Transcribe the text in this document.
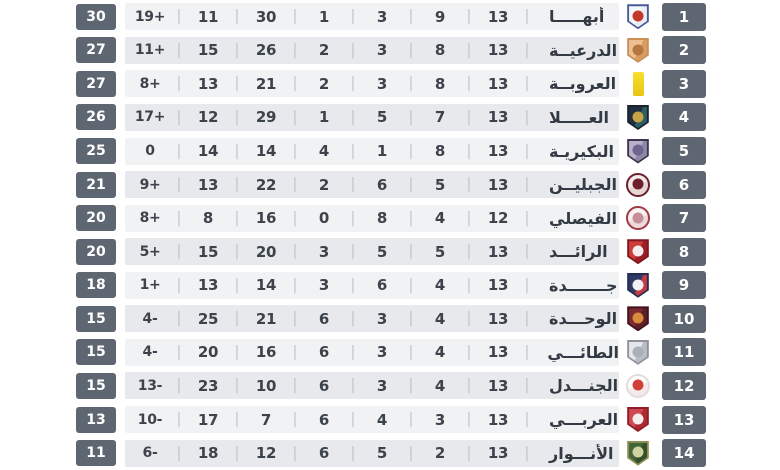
30	19+ |	11	|	30	|	1	|	3	|	9	|	13	|	أبهـــــا	1
27	11+ |	15	|	26	|	2	|	3	|	8	|	13	|	الدرعيــة	2
27	8+	|	13	|	21	|	2	|	3	|	8	|	13	|	العروبــة	3
26	17+ |	12	|	29	|	1	|	5	|	7	|	13	|	العـــــلا	4
25	0	|	14	|	14	|	4	|	1	|	8	|	13	|	البكيريـة	5
21	9+	|	13	|	22	|	2	|	6	|	5	|	13	|	الجبليــن	6
20	8+	|	8	|	16	|	0	|	8	|	4	|	12	|	الفيصلي	7
20	5+	|	15	|	20	|	3	|	5	|	5	|	13	|	الرائـــد	8
18	1+	|	13	|	14	|	3	|	6	|	4	|	13	|	جـــــــدة	9
15	4-	|	25	|	21	|	6	|	3	|	4	|	13	|	الوحـــدة	10
15	4-	|	20	|	16	|	6	|	3	|	4	|	13	|	الطائـــي	11
15	13-	|	23	|	10	|	6	|	3	|	4	|	13	|	الجنـــدل	12
13	10-	|	17	|	7	|	6	|	4	|	3	|	13	|	العربـــي	13
11	6-	|	18	|	12	|	6	|	5	|	2	|	13	|	الأنـــوار	14
